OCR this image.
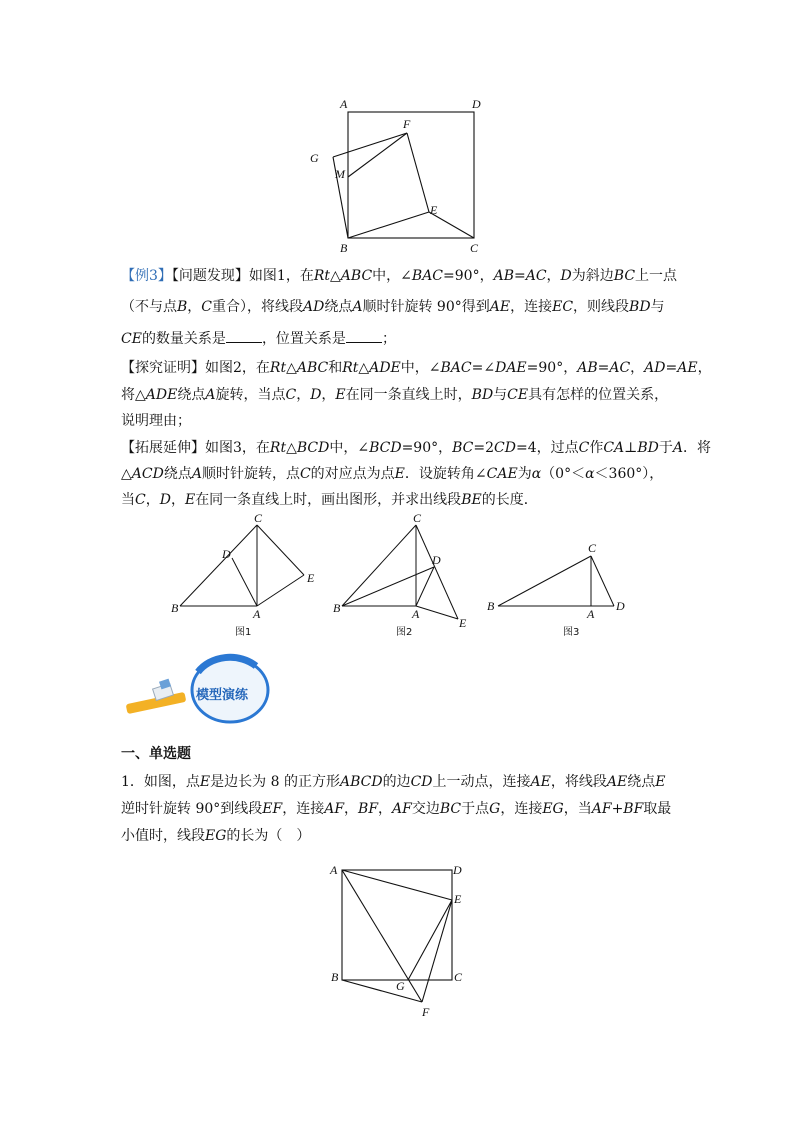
A	D
F
G
M
E
B	C
【例3】【问题发现】如图1，在Rt△ABC中，∠BAC=90°，AB=AC，D为斜边BC上一点
（不与点B，C重合），将线段AD绕点A顺时针旋转 90°得到AE，连接EC，则线段BD与
CE的数量关系是	，位置关系是	；
【探究证明】如图2，在Rt△ABC和Rt△ADE中，∠BAC=∠DAE=90°，AB=AC，AD=AE，
将△ADE绕点A旋转，当点C，D，E在同一条直线上时，BD与CE具有怎样的位置关系，
说明理由；
【拓展延伸】如图3，在Rt△BCD中，∠BCD=90°，BC=2CD=4，过点C作CA⊥BD于A．将
△ACD绕点A顺时针旋转，点C的对应点为点E．设旋转角∠CAE为α（0°＜α＜360°），
当C，D，E在同一条直线上时，画出图形，并求出线段BE的长度．
C
D
E
B	A
图1
C
D
B	A
E
图2
C
B
A
D
图3
模型演练
一、单选题
1．如图，点E是边长为 8 的正方形ABCD的边CD上一动点，连接AE，将线段AE绕点E
逆时针旋转 90°到线段EF，连接AF，BF，AF交边BC于点G，连接EG，当AF+BF取最
小值时，线段EG的长为（　）
A	D
E
B	C
G
F
